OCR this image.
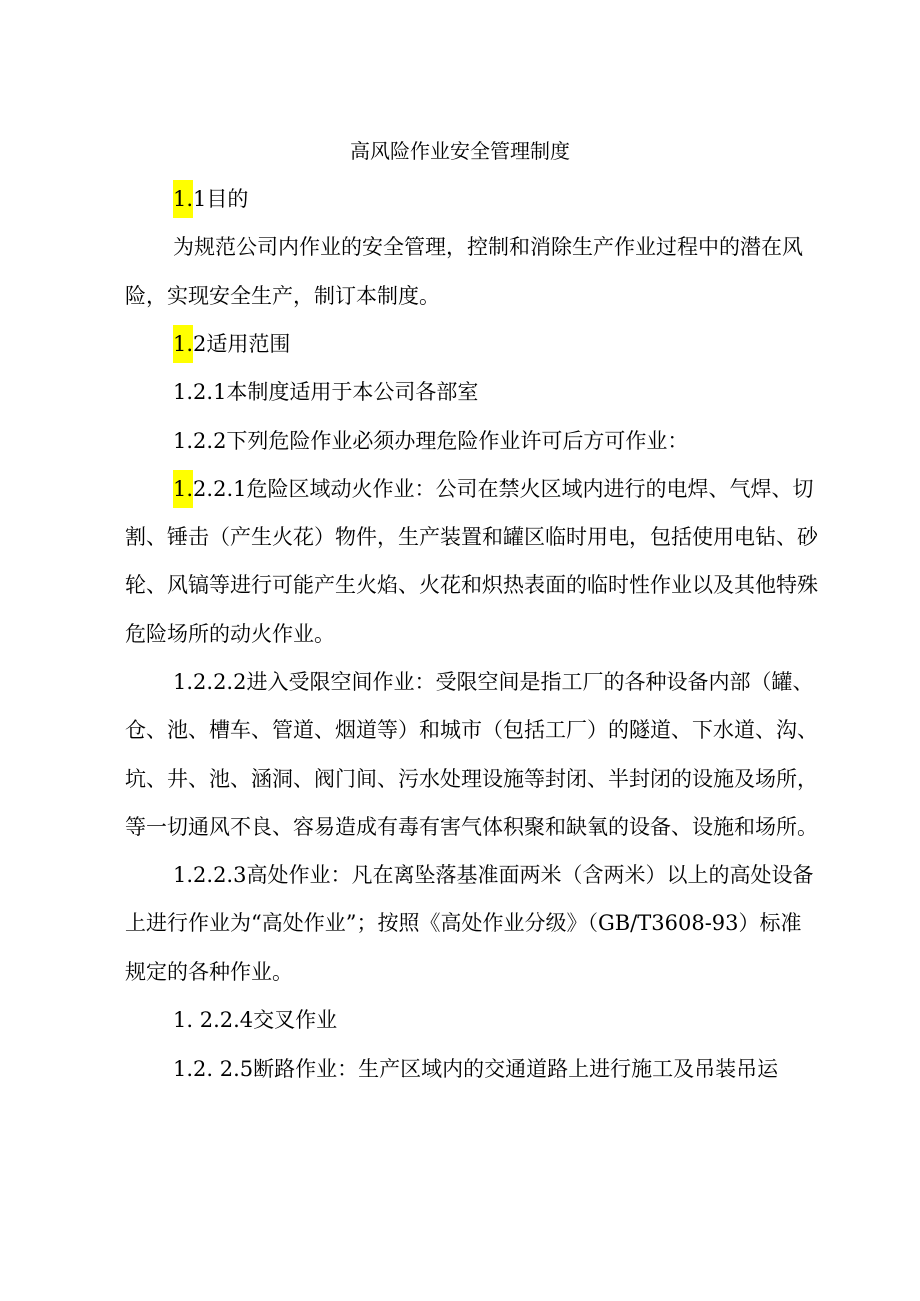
高风险作业安全管理制度
1.1目的
为规范公司内作业的安全管理，控制和消除生产作业过程中的潜在风
险，实现安全生产，制订本制度。
1.2适用范围
1.2.1本制度适用于本公司各部室
1.2.2下列危险作业必须办理危险作业许可后方可作业：
1.2.2.1危险区域动火作业：公司在禁火区域内进行的电焊、气焊、切
割、锤击（产生火花）物件，生产装置和罐区临时用电，包括使用电钻、砂
轮、风镐等进行可能产生火焰、火花和炽热表面的临时性作业以及其他特殊
危险场所的动火作业。
1.2.2.2进入受限空间作业：受限空间是指工厂的各种设备内部（罐、
仓、池、槽车、管道、烟道等）和城市（包括工厂）的隧道、下水道、沟、
坑、井、池、涵洞、阀门间、污水处理设施等封闭、半封闭的设施及场所，
等一切通风不良、容易造成有毒有害气体积聚和缺氧的设备、设施和场所。
1.2.2.3高处作业：凡在离坠落基准面两米（含两米）以上的高处设备
上进行作业为“高处作业”；按照《高处作业分级》（GB/T3608-93）标准
规定的各种作业。
1. 2.2.4交叉作业
1.2. 2.5断路作业：生产区域内的交通道路上进行施工及吊装吊运
